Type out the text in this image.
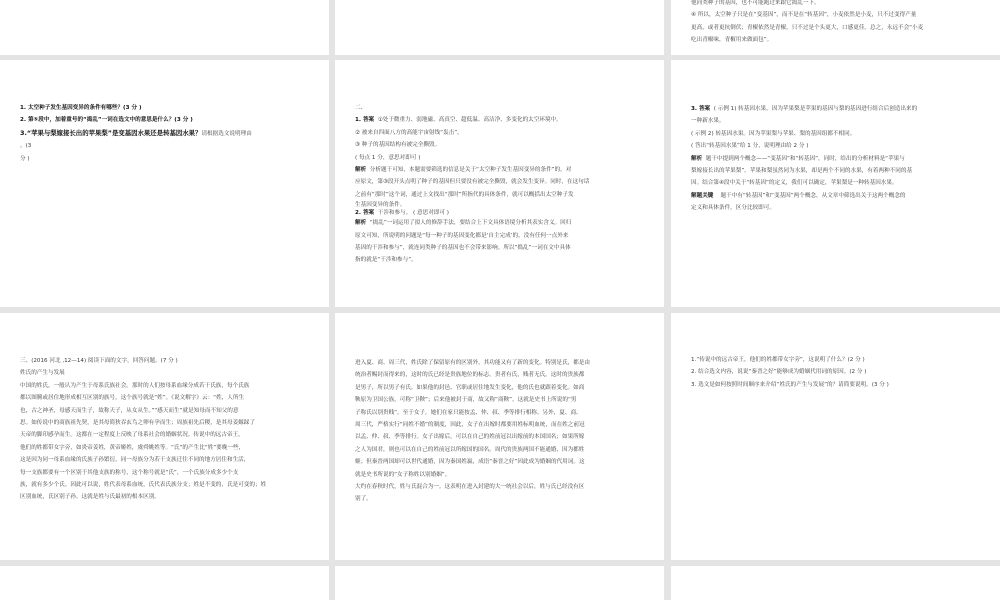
他同类种子的基因，也不可能跑过来跟它捣乱一下。

④ 所以，太空种子只是在“变基因”，而不是在“转基因”，小麦依然是小麦，只不过变得产量

更高，或者更抗倒伏；青椒依然是青椒，只不过是个头更大，口感更佳。总之，永远不会“小麦

吃出青椒味，青椒用来做面包”。

1. 太空种子发生基因变异的条件有哪些？(3 分 )

2. 第⑤段中，加着重号的“捣乱”一词在选文中的意思是什么？(3 分 )

3.“苹果与梨嫁接长出的苹果梨”是变基因水果还是转基因水果？请根据选文说明理由

。(3

分 )

二、

1. 答案 ①处于微重力、弱地磁、高真空、超低温、高洁净、多变化的太空环境中。

② 被来自四面八方的高能宇宙射线“轰击”。

③ 种子的基因结构有被完全撕毁。

( 每点 1 分，意思对即可 )

解析 分析题干可知，本题需要筛选的信息是关于“太空种子发生基因变异的条件”的。对

应原文，第③段开头点明了种子的基因但只要没有被完全撕毁，就会发生变异。同时，在这句话

之前有“那时”这个词，通过上文找出“那时”所指代的具体条件，就可以概括出太空种子发

生基因变异的条件。

2. 答案 干涉和参与。 ( 意思对即可 )

解析 “捣乱”一词运用了拟人的修辞手法，要结合上下文具体语境分析其表实含义。回归

原文可知，所说明的问题是“每一种子的基因变化都是‘自主完成’的，没有任何一点外来

基因的干涉和参与”，就连同类种子的基因也不会带来影响。所以“捣乱”一词在文中具体

指的就是“干涉和参与”。

3. 答案 ( 示例 1) 转基因水果。因为苹果梨是苹果的基因与梨的基因进行组合后创造出来的

一种新水果。

( 示例 2) 转基因水果。因为苹果梨与苹果、梨的基因组都不相同。

( 答出“转基因水果”给 1 分，说明理由给 2 分 )

解析 题干中提到两个概念——“变基因”和“转基因”，同时，给出的分析材料是“苹果与

梨嫁接长出的苹果梨”。苹果和梨虽然同为水果，却是两个不同的水果，有着两种不同的基

因。结合第④段中关于“转基因”的定义，我们可以确定，苹果梨是一种转基因水果。

解题关键 题干中有“转基因”和“变基因”两个概念，从文章中筛选出关于这两个概念的

定义和具体条件，区分比较即可。

三、(2016 河北 ,12—14) 阅读下面的文字，回答问题。(7 分 )

姓氏的产生与发展

中国的姓氏，一般认为产生于母系氏族社会。那时的人们按母系血缘分成若干氏族，每个氏族

都以图腾或居住地形成相互区别的族号，这个族号就是“姓”。《说文解字》云：“姓，人所生

也，古之神圣，母感天而生子，故称天子，从女从生。”“感天而生”就是知母而不知父的意

思。如传说中的商族祖先契，是其母简狄吞玄鸟之卵有孕而生；周族祖先后稷，是其母姜嫄踩了

天帝的脚印感孕而生。这都在一定程度上反映了母系社会的婚姻状况。传说中的远古帝王，

他们的姓都带女字旁，如炎帝姜姓，黄帝姬姓，虞舜姚姓等。“氏”的产生比“姓”要晚一些，

这是因为同一母系血缘的氏族子孙繁衍，同一母族分为若干支族迁往不同的地方居住和生活，

每一支族都要有一个区别于其他支族的称号，这个称号就是“氏”，一个氏族分成多少个支

族，就有多少个氏。因此可以说，姓代表母系血统，氏代表氏族分支；姓是不变的，氏是可变的；姓

区别血统，氏区别子孙。这就是姓与氏最初的根本区别。

进入夏、商、周三代，姓氏除了保留原有的区别外，其功能又有了新的变化。特别是氏，都是由

统治者赐封而得来的，这时的氏已经是贵族地位的标志。贵者有氏，贱者无氏。这时的贵族都

是男子，所以男子有氏。如果他的封邑、官职或居住地发生变化，他的氏也就跟着变化。如商

鞅原为卫国公族，可称“卫鞅”；后来他被封于商，故又称“商鞅”。这就是史书上所说的“男

子称氏以别贵贱”。至于女子，她们在家只能按孟、仲、叔、季等排行相称。另外，夏、商、

周三代，严格实行“同姓不婚”的制度，因此，女子在出嫁时都要用姓标明血统，而在姓之前冠

以孟、仲、叔、季等排行。女子出嫁后，可以在自己的姓前冠以出嫁前的本国国名；如果所嫁

之人为国君，则也可以在自己的姓前冠以所嫁国的国名。周代的贵族两国不能通婚，因为都姓

姬；但秦晋两国却可以世代通婚，因为秦国姓嬴，成语“秦晋之好”因此成为婚姻的代用词。这

就是史书所说的“女子称姓以别婚姻”。

大约在春秋时代，姓与氏混合为一。这表明在进入封建的大一统社会以后，姓与氏已经没有区

别了。

1.“传说中的远古帝王，他们的姓都带女字旁”，这说明了什么？(2 分 )

2. 结合选文内容，说说“秦晋之好”能够成为婚姻代用词的原因。(2 分 )

3. 选文是如何按照时间顺序来介绍“姓氏的产生与发展”的？请简要说明。(3 分 )
